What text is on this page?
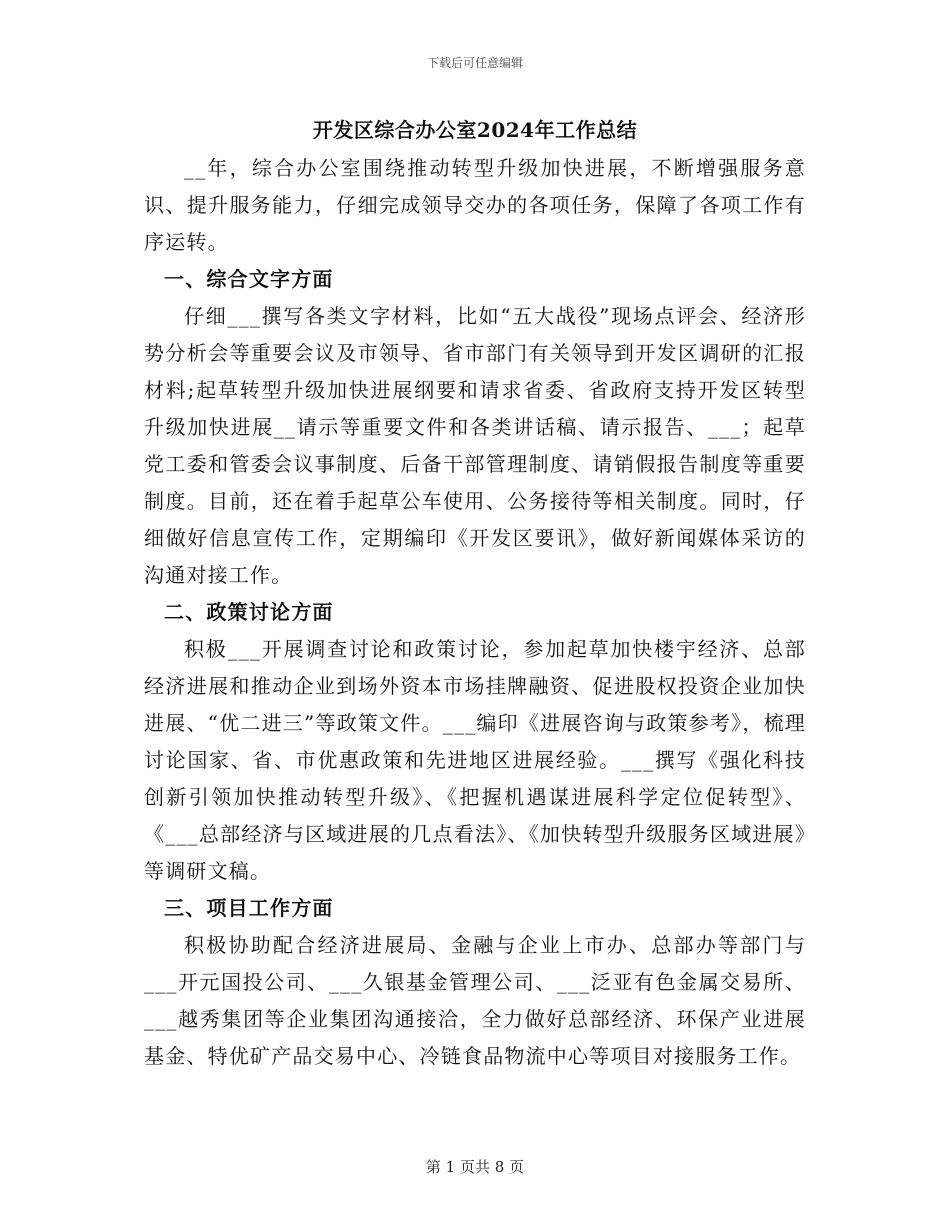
下载后可任意编辑
开发区综合办公室2024年工作总结

__年，综合办公室围绕推动转型升级加快进展，不断增强服务意识、提升服务能力，仔细完成领导交办的各项任务，保障了各项工作有序运转。

一、综合文字方面

仔细___撰写各类文字材料，比如“五大战役”现场点评会、经济形势分析会等重要会议及市领导、省市部门有关领导到开发区调研的汇报材料;起草转型升级加快进展纲要和请求省委、省政府支持开发区转型升级加快进展__请示等重要文件和各类讲话稿、请示报告、___；起草党工委和管委会议事制度、后备干部管理制度、请销假报告制度等重要制度。目前，还在着手起草公车使用、公务接待等相关制度。同时，仔细做好信息宣传工作，定期编印《开发区要讯》，做好新闻媒体采访的沟通对接工作。

二、政策讨论方面

积极___开展调查讨论和政策讨论，参加起草加快楼宇经济、总部经济进展和推动企业到场外资本市场挂牌融资、促进股权投资企业加快进展、“优二进三”等政策文件。___编印《进展咨询与政策参考》，梳理讨论国家、省、市优惠政策和先进地区进展经验。___撰写《强化科技创新引领加快推动转型升级》、《把握机遇谋进展科学定位促转型》、《___总部经济与区域进展的几点看法》、《加快转型升级服务区域进展》等调研文稿。

三、项目工作方面

积极协助配合经济进展局、金融与企业上市办、总部办等部门与___开元国投公司、___久银基金管理公司、___泛亚有色金属交易所、___越秀集团等企业集团沟通接洽，全力做好总部经济、环保产业进展基金、特优矿产品交易中心、冷链食品物流中心等项目对接服务工作。

第 1 页共 8 页
